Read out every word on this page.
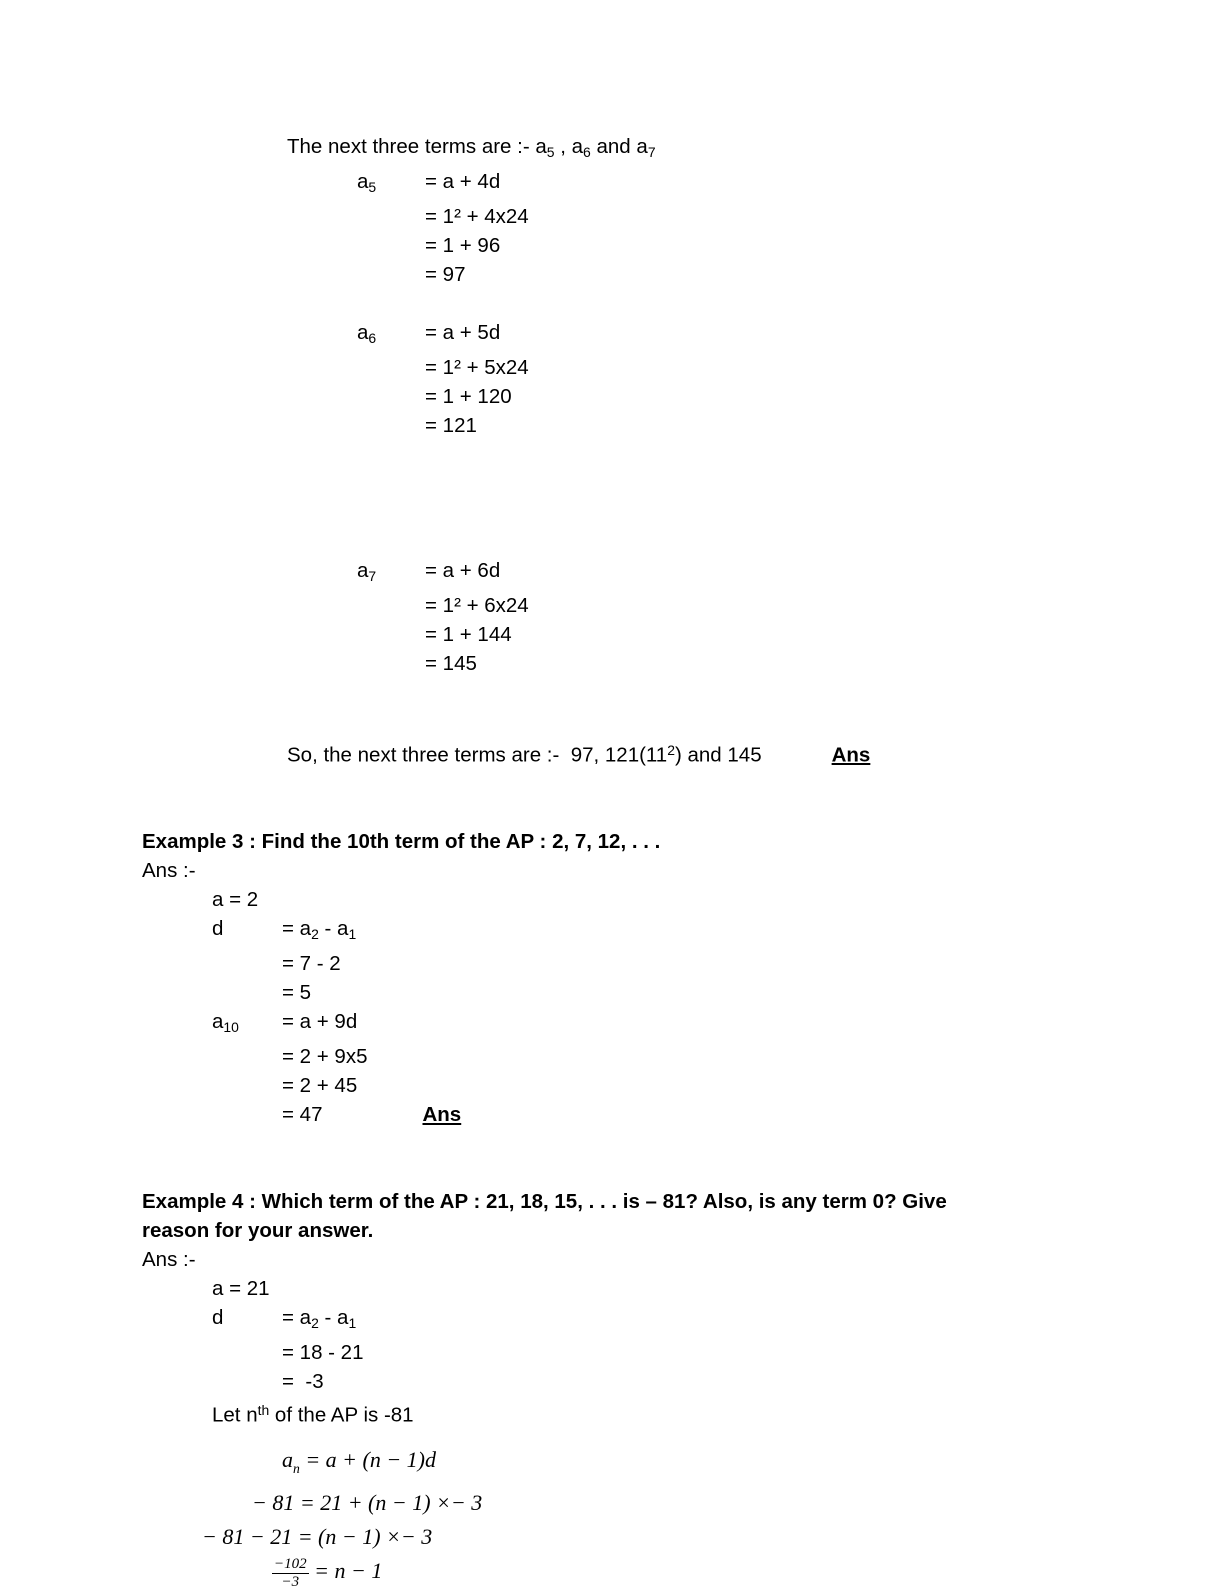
The next three terms are :- $a_5$ , $a_6$ and $a_7$
$a_5 = a + 4d$
= 1² + 4x24
= 1 + 96
= 97
$a_6 = a + 5d$
= 1² + 5x24
= 1 + 120
= 121
$a_7 = a + 6d$
= 1² + 6x24
= 1 + 144
= 145
So, the next three terms are :-  97, $121(11^2)$ and 145	Ans
Example 3 : Find the 10th term of the AP : 2, 7, 12, . . .
Ans :-
a = 2
d	= $a_2 - a_1$
= 7 - 2
= 5
$a_{10} = a + 9d$
= 2 + 9x5
= 2 + 45
= 47	Ans
Example 4 : Which term of the AP : 21, 18, 15, . . . is – 81? Also, is any term 0? Give
reason for your answer.
Ans :-
a = 21
d	= $a_2 - a_1$
= 18 - 21
=  -3
Let $n^{th}$ of the AP is -81
$a_n = a + (n - 1)d$
− 81 = 21 + (n − 1) ×− 3
− 81 − 21 = (n − 1) ×− 3
$\frac{-102}{-3} = n - 1$
